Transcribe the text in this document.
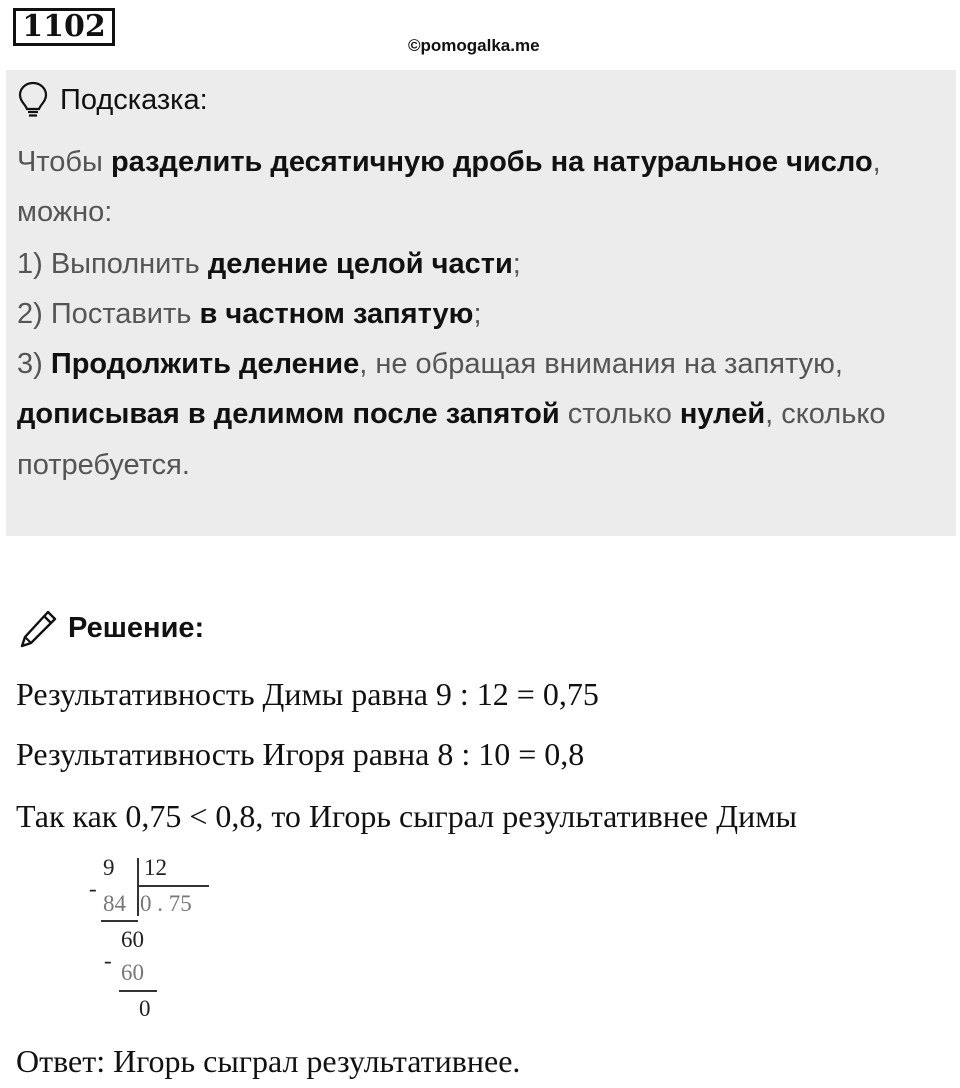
1102
©pomogalka.me
Подсказка:
Чтобы разделить десятичную дробь на натуральное число,
можно:
1) Выполнить деление целой части;
2) Поставить в частном запятую;
3) Продолжить деление, не обращая внимания на запятую,
дописывая в делимом после запятой столько нулей, сколько
потребуется.
Решение:
Результативность Димы равна 9 : 12 = 0,75
Результативность Игоря равна 8 : 10 = 0,8
Так как 0,75 < 0,8, то Игорь сыграл результативнее Димы
9 12
-
84 0 . 75
60
- 60
0
Ответ: Игорь сыграл результативнее.
